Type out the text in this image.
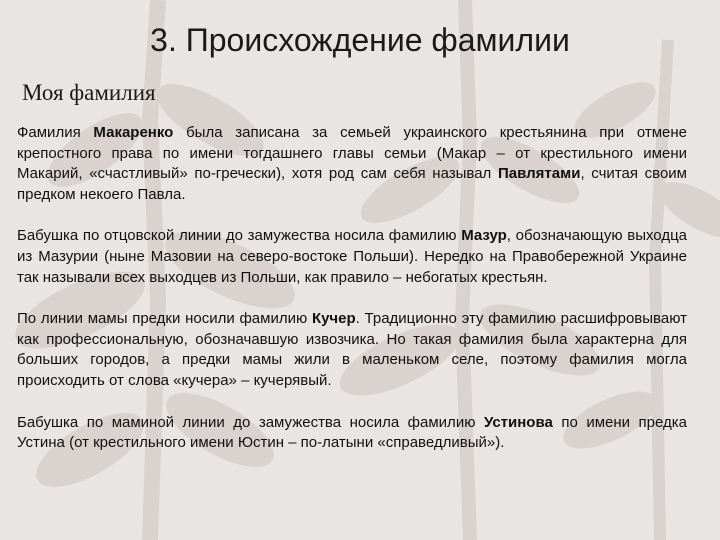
3. Происхождение фамилии
Моя фамилия

Фамилия Макаренко была записана за семьей украинского крестьянина при отмене крепостного права по имени тогдашнего главы семьи (Макар – от крестильного имени Макарий, «счастливый» по-гречески), хотя род сам себя называл Павлятами, считая своим предком некоего Павла.

Бабушка по отцовской линии до замужества носила фамилию Мазур, обозначающую выходца из Мазурии (ныне Мазовии на северо-востоке Польши). Нередко на Правобережной Украине так называли всех выходцев из Польши, как правило – небогатых крестьян.

По линии мамы предки носили фамилию Кучер. Традиционно эту фамилию расшифровывают как профессиональную, обозначавшую извозчика. Но такая фамилия была характерна для больших городов, а предки мамы жили в маленьком селе, поэтому фамилия могла происходить от слова «кучера» – кучерявый.

Бабушка по маминой линии до замужества носила фамилию Устинова по имени предка Устина (от крестильного имени Юстин – по-латыни «справедливый»).
